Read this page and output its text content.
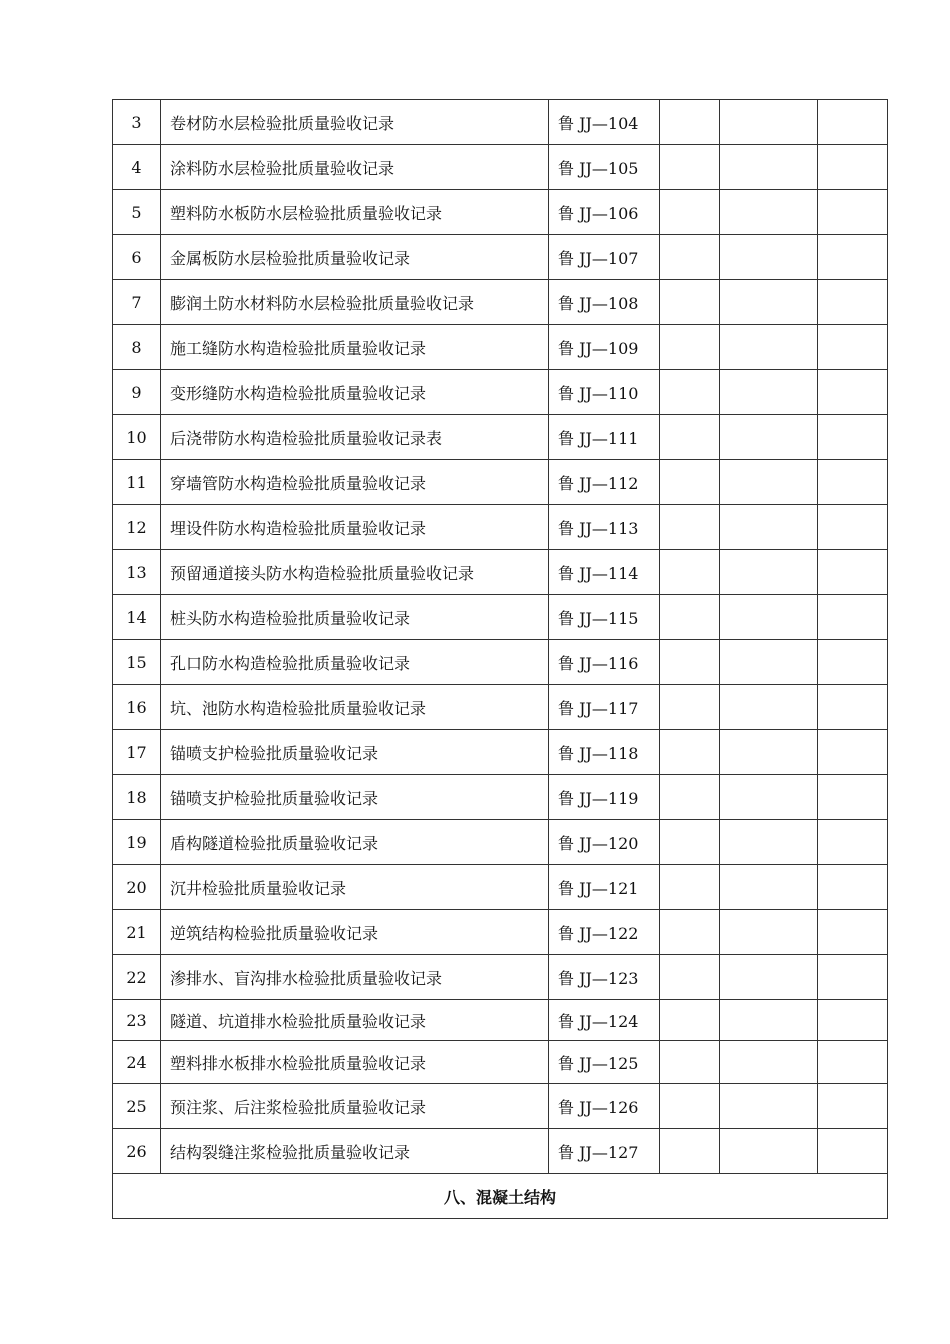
3	卷材防水层检验批质量验收记录	鲁 JJ—104			
4	涂料防水层检验批质量验收记录	鲁 JJ—105			
5	塑料防水板防水层检验批质量验收记录	鲁 JJ—106			
6	金属板防水层检验批质量验收记录	鲁 JJ—107			
7	膨润土防水材料防水层检验批质量验收记录	鲁 JJ—108			
8	施工缝防水构造检验批质量验收记录	鲁 JJ—109			
9	变形缝防水构造检验批质量验收记录	鲁 JJ—110			
10	后浇带防水构造检验批质量验收记录表	鲁 JJ—111			
11	穿墙管防水构造检验批质量验收记录	鲁 JJ—112			
12	埋设件防水构造检验批质量验收记录	鲁 JJ—113			
13	预留通道接头防水构造检验批质量验收记录	鲁 JJ—114			
14	桩头防水构造检验批质量验收记录	鲁 JJ—115			
15	孔口防水构造检验批质量验收记录	鲁 JJ—116			
16	坑、池防水构造检验批质量验收记录	鲁 JJ—117			
17	锚喷支护检验批质量验收记录	鲁 JJ—118			
18	锚喷支护检验批质量验收记录	鲁 JJ—119			
19	盾构隧道检验批质量验收记录	鲁 JJ—120			
20	沉井检验批质量验收记录	鲁 JJ—121			
21	逆筑结构检验批质量验收记录	鲁 JJ—122			
22	渗排水、盲沟排水检验批质量验收记录	鲁 JJ—123			
23	隧道、坑道排水检验批质量验收记录	鲁 JJ—124			
24	塑料排水板排水检验批质量验收记录	鲁 JJ—125			
25	预注浆、后注浆检验批质量验收记录	鲁 JJ—126			
26	结构裂缝注浆检验批质量验收记录	鲁 JJ—127			
八、混凝土结构					
